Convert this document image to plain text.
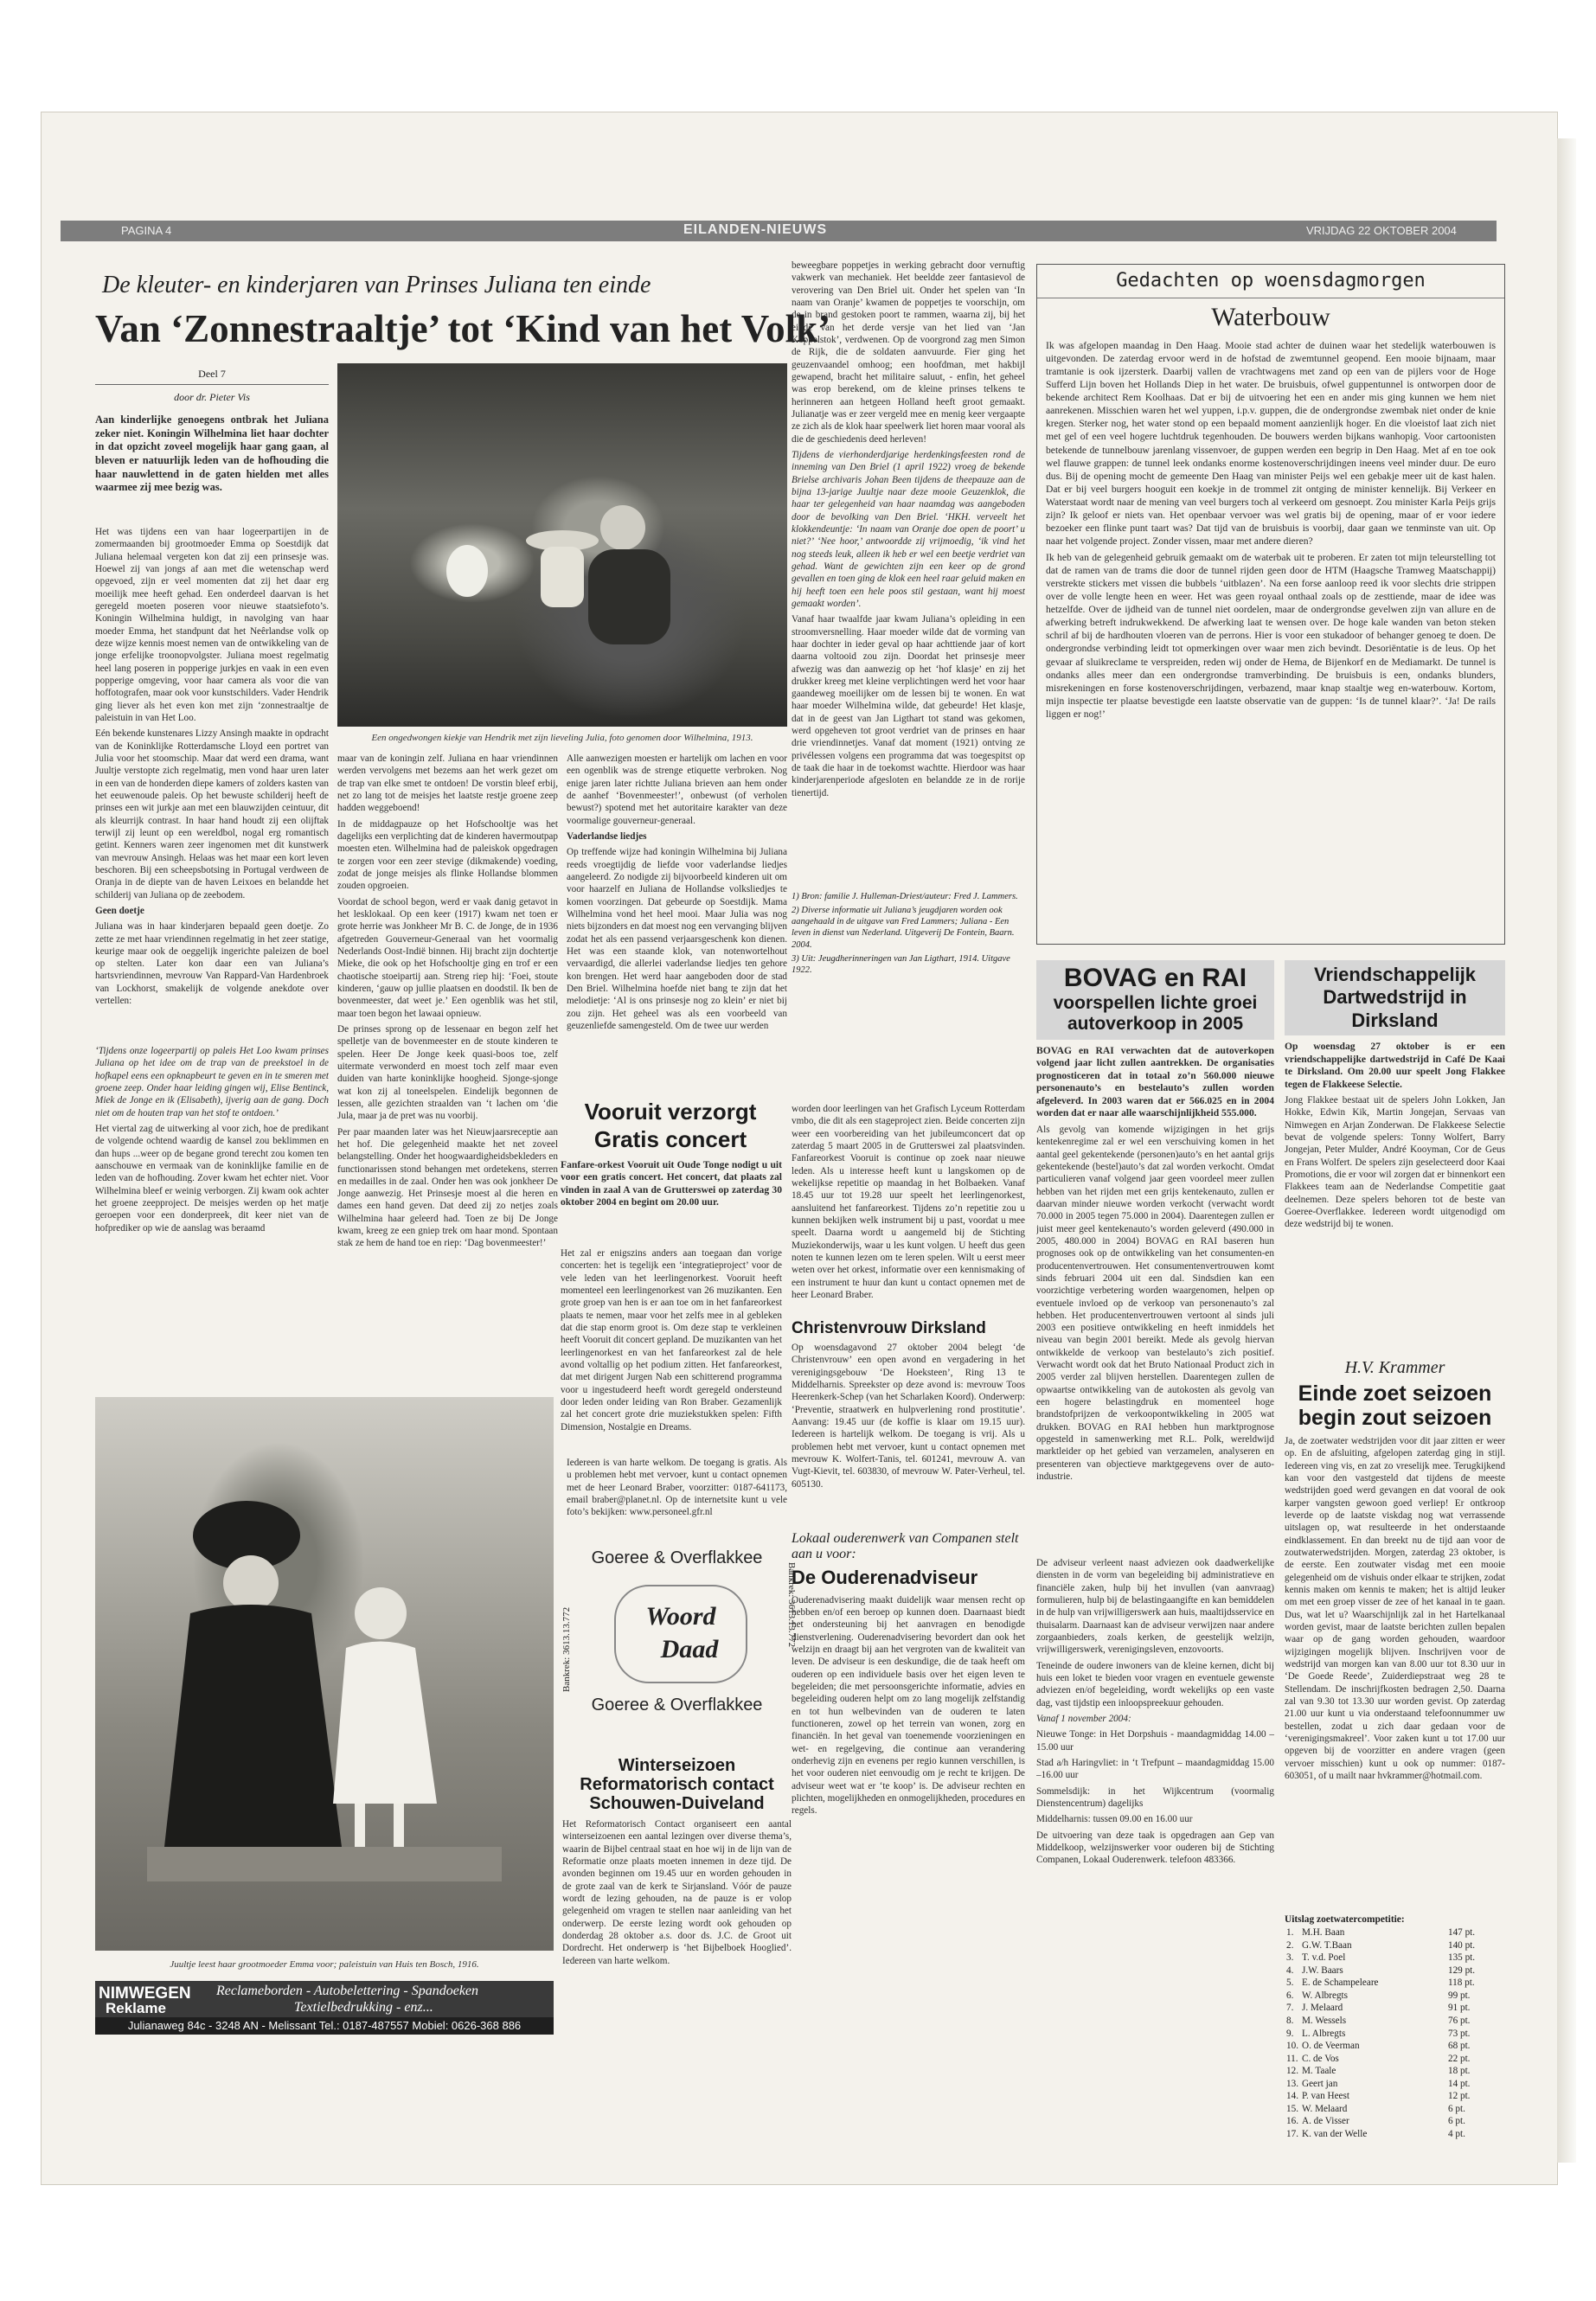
PAGINA 4	EILANDEN-NIEUWS	VRIJDAG 22 OKTOBER 2004

De kleuter- en kinderjaren van Prinses Juliana ten einde

Van ‘Zonnestraaltje’ tot ‘Kind van het Volk’

Deel 7

door dr. Pieter Vis

Aan kinderlijke genoegens ontbrak het Juliana zeker niet. Koningin Wilhelmina liet haar dochter in dat opzicht zoveel mogelijk haar gang gaan, al bleven er natuurlijk leden van de hofhouding die haar nauwlettend in de gaten hielden met alles waarmee zij mee bezig was.

Het was tijdens een van haar logeerpartijen in de zomermaanden bij grootmoeder Emma op Soestdijk dat Juliana helemaal vergeten kon dat zij een prinsesje was. Hoewel zij van jongs af aan met die wetenschap werd opgevoed, zijn er veel momenten dat zij het daar erg moeilijk mee heeft gehad. Een onderdeel daarvan is het geregeld moeten poseren voor nieuwe staatsiefoto’s. Koningin Wilhelmina huldigt, in navolging van haar moeder Emma, het standpunt dat het Neêrlandse volk op deze wijze kennis moest nemen van de ontwikkeling van de jonge erfelijke troonopvolgster. Juliana moest regelmatig heel lang poseren in popperige jurkjes en vaak in een even popperige omgeving, voor haar camera als voor die van hoffotografen, maar ook voor kunstschilders. Vader Hendrik ging liever als het even kon met zijn ‘zonnestraaltje de paleistuin in van Het Loo.

Eén bekende kunstenares Lizzy Ansingh maakte in opdracht van de Koninklijke Rotterdamsche Lloyd een portret van Julia voor het stoomschip. Maar dat werd een drama, want Juultje verstopte zich regelmatig, men vond haar uren later in een van de honderden diepe kamers of zolders kasten van het eeuwenoude paleis. Op het bewuste schilderij heeft de prinses een wit jurkje aan met een blauwzijden ceintuur, dit als kleurrijk contrast. In haar hand houdt zij een olijftak terwijl zij leunt op een wereldbol, nogal erg romantisch getint. Kenners waren zeer ingenomen met dit kunstwerk van mevrouw Ansingh. Helaas was het maar een kort leven beschoren. Bij een scheepsbotsing in Portugal verdween de Oranja in de diepte van de haven Leixoes en belandde het schilderij van Juliana op de zeebodem.

Geen doetje

Juliana was in haar kinderjaren bepaald geen doetje. Zo zette ze met haar vriendinnen regelmatig in het zeer statige, keurige maar ook de oeggelijk ingerichte paleizen de boel op stelten. Later kon daar een van Juliana’s hartsvriendinnen, mevrouw Van Rappard-Van Hardenbroek van Lockhorst, smakelijk de volgende anekdote over vertellen:

‘Tijdens onze logeerpartij op paleis Het Loo kwam prinses Juliana op het idee om de trap van de preekstoel in de hofkapel eens een opknapbeurt te geven en in te smeren met groene zeep. Onder haar leiding gingen wij, Elise Bentinck, Miek de Jonge en ik (Elisabeth), ijverig aan de gang. Doch niet om de houten trap van het stof te ontdoen.’

Het viertal zag de uitwerking al voor zich, hoe de predikant de volgende ochtend waardig de kansel zou beklimmen en dan hups ...weer op de begane grond terecht zou komen ten aanschouwe en vermaak van de koninklijke familie en de leden van de hofhouding. Zover kwam het echter niet. Voor Wilhelmina bleef er weinig verborgen. Zij kwam ook achter het groene zeepproject. De meisjes werden op het matje geroepen voor een donderpreek, dit keer niet van de hofprediker op wie de aanslag was beraamd

Een ongedwongen kiekje van Hendrik met zijn lieveling Julia, foto genomen door Wilhelmina, 1913.

maar van de koningin zelf. Juliana en haar vriendinnen werden vervolgens met bezems aan het werk gezet om de trap van elke smet te ontdoen! De vorstin bleef erbij, net zo lang tot de meisjes het laatste restje groene zeep hadden weggeboend!

In de middagpauze op het Hofschooltje was het dagelijks een verplichting dat de kinderen havermoutpap moesten eten. Wilhelmina had de paleiskok opgedragen te zorgen voor een zeer stevige (dikmakende) voeding, zodat de jonge meisjes als flinke Hollandse blommen zouden opgroeien.

Voordat de school begon, werd er vaak danig getavot in het lesklokaal. Op een keer (1917) kwam net toen er grote herrie was Jonkheer Mr B. C. de Jonge, de in 1936 afgetreden Gouverneur-Generaal van het voormalig Nederlands Oost-Indië binnen. Hij bracht zijn dochtertje Mieke, die ook op het Hofschooltje ging en trof er een chaotische stoeipartij aan. Streng riep hij: ‘Foei, stoute kinderen, ‘gauw op jullie plaatsen en doodstil. Ik ben de bovenmeester, dat weet je.’ Een ogenblik was het stil, maar toen begon het lawaai opnieuw.

De prinses sprong op de lessenaar en begon zelf het spelletje van de bovenmeester en de stoute kinderen te spelen. Heer De Jonge keek quasi-boos toe, zelf uitermate verwonderd en moest toch zelf maar even duiden van harte koninklijke hoogheid. Sjonge-sjonge wat kon zij al toneelspelen. Eindelijk begonnen de lessen, alle gezichten straalden van ‘t lachen om ‘die Jula, maar ja de pret was nu voorbij.

Per paar maanden later was het Nieuwjaarsreceptie aan het hof. Die gelegenheid maakte het net zoveel belangstelling. Onder het hoogwaardigheidsbekleders en functionarissen stond behangen met ordetekens, sterren en medailles in de zaal. Onder hen was ook jonkheer De Jonge aanwezig. Het Prinsesje moest al die heren en dames een hand geven. Dat deed zij zo netjes zoals Wilhelmina haar geleerd had. Toen ze bij De Jonge kwam, kreeg ze een gniep trek om haar mond. Spontaan stak ze hem de hand toe en riep: ‘Dag bovenmeester!’

Alle aanwezigen moesten er hartelijk om lachen en voor een ogenblik was de strenge etiquette verbroken. Nog enige jaren later richtte Juliana brieven aan hem onder de aanhef ‘Bovenmeester!’, onbewust (of verholen bewust?) spotend met het autoritaire karakter van deze voormalige gouverneur-generaal.

Vaderlandse liedjes

Op treffende wijze had koningin Wilhelmina bij Juliana reeds vroegtijdig de liefde voor vaderlandse liedjes aangeleerd. Zo nodigde zij bijvoorbeeld kinderen uit om voor haarzelf en Juliana de Hollandse volksliedjes te komen voorzingen. Dat gebeurde op Soestdijk. Mama Wilhelmina vond het heel mooi. Maar Julia was nog niets bijzonders en dat moest nog een vervanging blijven zodat het als een passend verjaarsgeschenk kon dienen. Het was een staande klok, van notenwortelhout vervaardigd, die allerlei vaderlandse liedjes ten gehore kon brengen. Het werd haar aangeboden door de stad Den Briel. Wilhelmina hoefde niet bang te zijn dat het melodietje: ‘Al is ons prinsesje nog zo klein’ er niet bij zou zijn. Het geheel was als een voorbeeld van geuzenliefde samengesteld. Om de twee uur werden

Juultje leest haar grootmoeder Emma voor; paleistuin van Huis ten Bosch, 1916.

NIMWEGEN
Reklame
Reclameborden - Autobelettering - Spandoeken
Textielbedrukking - enz...
Julianaweg 84c - 3248 AN - Melissant Tel.: 0187-487557 Mobiel: 0626-368 886

beweegbare poppetjes in werking gebracht door vernuftig vakwerk van mechaniek. Het beeldde zeer fantasievol de verovering van Den Briel uit. Onder het spelen van ‘In naam van Oranje’ kwamen de poppetjes te voorschijn, om de in brand gestoken poort te rammen, waarna zij, bij het einde van het derde versje van het lied van ‘Jan Koppelstok’, verdwenen. Op de voorgrond zag men Simon de Rijk, die de soldaten aanvuurde. Fier ging het geuzenvaandel omhoog; een hoofdman, met hakbijl gewapend, bracht het militaire saluut, - enfin, het geheel was erop berekend, om de kleine prinses telkens te herinneren aan hetgeen Holland heeft groot gemaakt. Julianatje was er zeer vergeld mee en menig keer vergaapte ze zich als de klok haar speelwerk liet horen maar vooral als die de geschiedenis deed herleven!

Tijdens de vierhonderdjarige herdenkingsfeesten rond de inneming van Den Briel (1 april 1922) vroeg de bekende Brielse archivaris Johan Been tijdens de theepauze aan de bijna 13-jarige Juultje naar deze mooie Geuzenklok, die haar ter gelegenheid van haar naamdag was aangeboden door de bevolking van Den Briel. ‘HKH. verveelt het klokkendeuntje: ‘In naam van Oranje doe open de poort’ u niet?’ ‘Nee hoor,’ antwoordde zij vrijmoedig, ‘ik vind het nog steeds leuk, alleen ik heb er wel een beetje verdriet van gehad. Want de gewichten zijn een keer op de grond gevallen en toen ging de klok een heel raar geluid maken en hij heeft toen een hele poos stil gestaan, want hij moest gemaakt worden’.

Vanaf haar twaalfde jaar kwam Juliana’s opleiding in een stroomversnelling. Haar moeder wilde dat de vorming van haar dochter in ieder geval op haar achttiende jaar of kort daarna voltooid zou zijn. Doordat het prinsesje meer afwezig was dan aanwezig op het ‘hof klasje’ en zij het drukker kreeg met kleine verplichtingen werd het voor haar gaandeweg moeilijker om de lessen bij te wonen. En wat haar moeder Wilhelmina wilde, dat gebeurde! Het klasje, dat in de geest van Jan Ligthart tot stand was gekomen, werd opgeheven tot groot verdriet van de prinses en haar drie vriendinnetjes. Vanaf dat moment (1921) ontving ze privélessen volgens een programma dat was toegespitst op de taak die haar in de toekomst wachtte. Hierdoor was haar kinderjarenperiode afgesloten en belandde ze in de rorije tienertijd.

1) Bron: familie J. Hulleman-Driest/auteur: Fred J. Lammers.

2) Diverse informatie uit Juliana’s jeugdjaren worden ook aangehaald in de uitgave van Fred Lammers; Juliana - Een leven in dienst van Nederland. Uitgeverij De Fontein, Baarn. 2004.

3) Uit: Jeugdherinneringen van Jan Ligthart, 1914. Uitgave 1922.

Gedachten op woensdagmorgen

Waterbouw

Ik was afgelopen maandag in Den Haag. Mooie stad achter de duinen waar het stedelijk waterbouwen is uitgevonden. De zaterdag ervoor werd in de hofstad de zwemtunnel geopend. Een mooie bijnaam, maar tramtanie is ook ijzersterk. Daarbij vallen de vrachtwagens met zand op een van de pijlers voor de Hoge Sufferd Lijn boven het Hollands Diep in het water. De bruisbuis, ofwel guppentunnel is ontworpen door de bekende architect Rem Koolhaas. Dat er bij de uitvoering het een en ander mis ging kunnen we hem niet aanrekenen. Misschien waren het wel yuppen, i.p.v. guppen, die de ondergrondse zwembak niet onder de knie kregen. Sterker nog, het water stond op een bepaald moment aanzienlijk hoger. En die vloeistof laat zich niet met gel of een veel hogere luchtdruk tegenhouden. De bouwers werden bijkans wanhopig. Voor cartoonisten betekende de tunnelbouw jarenlang vissenvoer, de guppen werden een begrip in Den Haag. Met af en toe ook wel flauwe grappen: de tunnel leek ondanks enorme kostenoverschrijdingen ineens veel minder duur. De euro dus. Bij de opening mocht de gemeente Den Haag van minister Peijs wel een gebakje meer uit de kast halen. Dat er bij veel burgers hooguit een koekje in de trommel zit ontging de minister kennelijk. Bij Verkeer en Waterstaat wordt naar de mening van veel burgers toch al verkeerd om gesnoept. Zou minister Karla Peijs grijs zijn? Ik geloof er niets van. Het openbaar vervoer was wel gratis bij de opening, maar of er voor iedere bezoeker een flinke punt taart was? Dat tijd van de bruisbuis is voorbij, daar gaan we tenminste van uit. Op naar het volgende project. Zonder vissen, maar met andere dieren?

Ik heb van de gelegenheid gebruik gemaakt om de waterbak uit te proberen. Er zaten tot mijn teleurstelling tot dat de ramen van de trams die door de tunnel rijden geen door de HTM (Haagsche Tramweg Maatschappij) verstrekte stickers met vissen die bubbels ‘uitblazen’. Na een forse aanloop reed ik voor slechts drie strippen over de volle lengte heen en weer. Het was geen royaal onthaal zoals op de zesttiende, maar de idee was hetzelfde. Over de ijdheid van de tunnel niet oordelen, maar de ondergrondse gevelwen zijn van allure en de afwerking betreft indrukwekkend. De afwerking laat te wensen over. De hoge kale wanden van beton steken schril af bij de hardhouten vloeren van de perrons. Hier is voor een stukadoor of behanger genoeg te doen. De ondergrondse verbinding leidt tot opmerkingen over waar men zich bevindt. Desoriëntatie is de leus. Op het gevaar af sluikreclame te verspreiden, reden wij onder de Hema, de Bijenkorf en de Mediamarkt. De tunnel is ondanks alles meer dan een ondergrondse tramverbinding. De bruisbuis is een, ondanks blunders, misrekeningen en forse kostenoverschrijdingen, verbazend, maar knap staaltje weg en-waterbouw. Kortom, mijn inspectie ter plaatse bevestigde een laatste observatie van de guppen: ‘Is de tunnel klaar?’. ‘Ja! De rails liggen er nog!’

Vooruit verzorgt

Gratis concert

Fanfare-orkest Vooruit uit Oude Tonge nodigt u uit voor een gratis concert. Het concert, dat plaats zal vinden in zaal A van de Grutterswei op zaterdag 30 oktober 2004 en begint om 20.00 uur.

Het zal er enigszins anders aan toegaan dan vorige concerten: het is tegelijk een ‘integratieproject’ voor de vele leden van het leerlingenorkest. Vooruit heeft momenteel een leerlingenorkest van 26 muzikanten. Een grote groep van hen is er aan toe om in het fanfareorkest plaats te nemen, maar voor het zelfs mee in al gebleken dat die stap enorm groot is. Om deze stap te verkleinen heeft Vooruit dit concert gepland. De muzikanten van het leerlingenorkest en van het fanfareorkest zal de hele avond voltallig op het podium zitten. Het fanfareorkest, dat met dirigent Jurgen Nab een schitterend programma voor u ingestudeerd heeft wordt geregeld ondersteund door leden onder leiding van Ron Braber. Gezamenlijk zal het concert grote drie muziekstukken spelen: Fifth Dimension, Nostalgie en Dreams.

worden door leerlingen van het Grafisch Lyceum Rotterdam vmbo, die dit als een stageproject zien. Beide concerten zijn weer een voorbereiding van het jubileumconcert dat op zaterdag 5 maart 2005 in de Grutterswei zal plaatsvinden. Fanfareorkest Vooruit is continue op zoek naar nieuwe leden. Als u interesse heeft kunt u langskomen op de wekelijkse repetitie op maandag in het Bolbaeken. Vanaf 18.45 uur tot 19.28 uur speelt het leerlingenorkest, aansluitend het fanfareorkest. Tijdens zo’n repetitie zou u kunnen bekijken welk instrument bij u past, voordat u mee speelt. Daarna wordt u aangemeld bij de Stichting Muziekonderwijs, waar u les kunt volgen. U heeft dus geen noten te kunnen lezen om te leren spelen. Wilt u eerst meer weten over het orkest, informatie over een kennismaking of een instrument te huur dan kunt u contact opnemen met de heer Leonard Braber.

Iedereen is van harte welkom. De toegang is gratis. Als u problemen hebt met vervoer, kunt u contact opnemen met de heer Leonard Braber, voorzitter: 0187-641173, email braber@planet.nl. Op de internetsite kunt u vele foto’s bekijken: www.personeel.gfr.nl

Christenvrouw Dirksland

Op woensdagavond 27 oktober 2004 belegt ‘de Christenvrouw’ een open avond en vergadering in het verenigingsgebouw ‘De Hoeksteen’, Ring 13 te Middelharnis. Spreekster op deze avond is: mevrouw Toos Heerenkerk-Schep (van het Scharlaken Koord). Onderwerp: ‘Preventie, straatwerk en hulpverlening rond prostitutie’. Aanvang: 19.45 uur (de koffie is klaar om 19.15 uur). Iedereen is hartelijk welkom. De toegang is vrij. Als u problemen hebt met vervoer, kunt u contact opnemen met mevrouw K. Wolfert-Tanis, tel. 601241, mevrouw A. van Vugt-Kievit, tel. 603830, of mevrouw W. Pater-Verheul, tel. 605130.

Goeree & Overflakkee

Woord

Daad

Goeree & Overflakkee

Bankrek: 3613.13.772

Bankrek: 3613.13.772

Winterseizoen Reformatorisch contact Schouwen-Duiveland

Het Reformatorisch Contact organiseert een aantal winterseizoenen een aantal lezingen over diverse thema’s, waarin de Bijbel centraal staat en hoe wij in de lijn van de Reformatie onze plaats moeten innemen in deze tijd. De avonden beginnen om 19.45 uur en worden gehouden in de grote zaal van de kerk te Sirjansland. Vóór de pauze wordt de lezing gehouden, na de pauze is er volop gelegenheid om vragen te stellen naar aanleiding van het onderwerp. De eerste lezing wordt ook gehouden op donderdag 28 oktober a.s. door ds. J.C. de Groot uit Dordrecht. Het onderwerp is ‘het Bijbelboek Hooglied’. Iedereen van harte welkom.

Lokaal ouderenwerk van Companen stelt aan u voor:

De Ouderenadviseur

Ouderenadvisering maakt duidelijk waar mensen recht op hebben en/of een beroep op kunnen doen. Daarnaast biedt het ondersteuning bij het aanvragen en benodigde dienstverlening. Ouderenadvisering bevordert dan ook het welzijn en draagt bij aan het vergroten van de kwaliteit van leven. De adviseur is een deskundige, die de taak heeft om ouderen op een individuele basis over het eigen leven te begeleiden; die met persoonsgerichte informatie, advies en begeleiding ouderen helpt om zo lang mogelijk zelfstandig en tot hun welbevinden van de ouderen te laten functioneren, zowel op het terrein van wonen, zorg en financiën. In het geval van toenemende voorzieningen en wet- en regelgeving, die continue aan verandering onderhevig zijn en evenens per regio kunnen verschillen, is het voor ouderen niet eenvoudig om je recht te krijgen. De adviseur weet wat er ‘te koop’ is. De adviseur rechten en plichten, mogelijkheden en onmogelijkheden, procedures en regels.

De adviseur verleent naast adviezen ook daadwerkelijke diensten in de vorm van begeleiding bij administratieve en financiële zaken, hulp bij het invullen (van aanvraag) formulieren, hulp bij de belastingaangifte en kan bemiddelen in de hulp van vrijwilligerswerk aan huis, maaltijdsservice en thuisalarm. Daarnaast kan de adviseur verwijzen naar andere zorgaanbieders, zoals kerken, de geestelijk welzijn, vrijwilligerswerk, verenigingsleven, enzovoorts.

Teneinde de oudere inwoners van de kleine kernen, dicht bij huis een loket te bieden voor vragen en eventuele gewenste adviezen en/of begeleiding, wordt wekelijks op een vaste dag, vast tijdstip een inloopspreekuur gehouden.

Vanaf 1 november 2004:

Nieuwe Tonge: in Het Dorpshuis - maandagmiddag 14.00 – 15.00 uur

Stad a/h Haringvliet: in ‘t Trefpunt – maandagmiddag 15.00 –16.00 uur

Sommelsdijk: in het Wijkcentrum (voormalig Dienstencentrum) dagelijks

Middelharnis: tussen 09.00 en 16.00 uur

De uitvoering van deze taak is opgedragen aan Gep van Middelkoop, welzijnswerker voor ouderen bij de Stichting Companen, Lokaal Ouderenwerk. telefoon 483366.

BOVAG en RAI

voorspellen lichte groei

autoverkoop in 2005

BOVAG en RAI verwachten dat de autoverkopen volgend jaar licht zullen aantrekken. De organisaties prognosticeren dat in totaal zo’n 560.000 nieuwe personenauto’s en bestelauto’s zullen worden afgeleverd. In 2003 waren dat er 566.025 en in 2004 worden dat er naar alle waarschijnlijkheid 555.000.

Als gevolg van komende wijzigingen in het grijs kentekenregime zal er wel een verschuiving komen in het aantal geel gekentekende (personen)auto’s en het aantal grijs gekentekende (bestel)auto’s dat zal worden verkocht. Omdat particulieren vanaf volgend jaar geen voordeel meer zullen hebben van het rijden met een grijs kentekenauto, zullen er daarvan minder nieuwe worden verkocht (verwacht wordt 70.000 in 2005 tegen 75.000 in 2004). Daarentegen zullen er juist meer geel kentekenauto’s worden geleverd (490.000 in 2005, 480.000 in 2004) BOVAG en RAI baseren hun prognoses ook op de ontwikkeling van het consumenten-en producentenvertrouwen. Het consumentenvertrouwen komt sinds februari 2004 uit een dal. Sindsdien kan een voorzichtige verbetering worden waargenomen, helpen op eventuele invloed op de verkoop van personenauto’s zal hebben. Het producentenvertrouwen vertoont al sinds juli 2003 een positieve ontwikkeling en heeft inmiddels het niveau van begin 2001 bereikt. Mede als gevolg hiervan ontwikkelde de verkoop van bestelauto’s zich positief. Verwacht wordt ook dat het Bruto Nationaal Product zich in 2005 verder zal blijven herstellen. Daarentegen zullen de opwaartse ontwikkeling van de autokosten als gevolg van een hogere belastingdruk en momenteel hoge brandstofprijzen de verkoopontwikkeling in 2005 wat drukken. BOVAG en RAI hebben hun marktprognose opgesteld in samenwerking met R.L. Polk, wereldwijd marktleider op het gebied van verzamelen, analyseren en presenteren van objectieve marktgegevens over de auto-industrie.

Vriendschappelijk Dartwedstrijd in Dirksland

Op woensdag 27 oktober is er een vriendschappelijke dartwedstrijd in Café De Kaai te Dirksland. Om 20.00 uur speelt Jong Flakkee tegen de Flakkeese Selectie.

Jong Flakkee bestaat uit de spelers John Lokken, Jan Hokke, Edwin Kik, Martin Jongejan, Servaas van Nimwegen en Arjan Zonderwan. De Flakkeese Selectie bevat de volgende spelers: Tonny Wolfert, Barry Jongejan, Peter Mulder, André Kooyman, Cor de Geus en Frans Wolfert. De spelers zijn geselecteerd door Kaai Promotions, die er voor wil zorgen dat er binnenkort een Flakkees team aan de Nederlandse Competitie gaat deelnemen. Deze spelers behoren tot de beste van Goeree-Overflakkee. Iedereen wordt uitgenodigd om deze wedstrijd bij te wonen.

H.V. Krammer

Einde zoet seizoen begin zout seizoen

Ja, de zoetwater wedstrijden voor dit jaar zitten er weer op. En de afsluiting, afgelopen zaterdag ging in stijl. Iedereen ving vis, en zat zo vreselijk mee. Terugkijkend kan voor den vastgesteld dat tijdens de meeste wedstrijden goed werd gevangen en dat vooral de ook karper vangsten gewoon goed verliep! Er ontkroop leverde op de laatste viskdag nog wat verrassende uitslagen op, wat resulteerde in het onderstaande eindklassement. En dan breekt nu de tijd aan voor de zoutwaterwedstrijden. Morgen, zaterdag 23 oktober, is de eerste. Een zoutwater visdag met een mooie gelegenheid om de vishuis onder elkaar te strijken, zodat kennis maken om kennis te maken; het is altijd leuker om met een groep visser de zee of het kanaal in te gaan. Dus, wat let u? Waarschijnlijk zal in het Hartelkanaal worden gevist, maar de laatste berichten zullen bepalen waar op de gang worden gehouden, waardoor wijzigingen mogelijk blijven. Inschrijven voor de wedstrijd van morgen kan van 8.00 uur tot 8.30 uur in ‘De Goede Reede’, Zuiderdiepstraat weg 28 te Stellendam. De inschrijfkosten bedragen 2,50. Daarna zal van 9.30 tot 13.30 uur worden gevist. Op zaterdag 21.00 uur kunt u via onderstaand telefoonnummer uw bestellen, zodat u zich daar gedaan voor de ‘verenigingsmakreel’. Voor zaken kunt u tot 17.00 uur opgeven bij de voorzitter en andere vragen (geen vervoer misschien) kunt u ook op nummer: 0187-603051, of u mailt naar hvkrammer@hotmail.com.

Uitslag zoetwatercompetitie:

1.	M.H. Baan	147 pt.
2.	G.W. T.Baan	140 pt.
3.	T. v.d. Poel	135 pt.
4.	J.W. Baars	129 pt.
5.	E. de Schampeleare	118 pt.
6.	W. Albregts	99 pt.
7.	J. Melaard	91 pt.
8.	M. Wessels	76 pt.
9.	L. Albregts	73 pt.
10.	O. de Veerman	68 pt.
11.	C. de Vos	22 pt.
12.	M. Taale	18 pt.
13.	Geert jan	14 pt.
14.	P. van Heest	12 pt.
15.	W. Melaard	6 pt.
16.	A. de Visser	6 pt.
17.	K. van der Welle	4 pt.
